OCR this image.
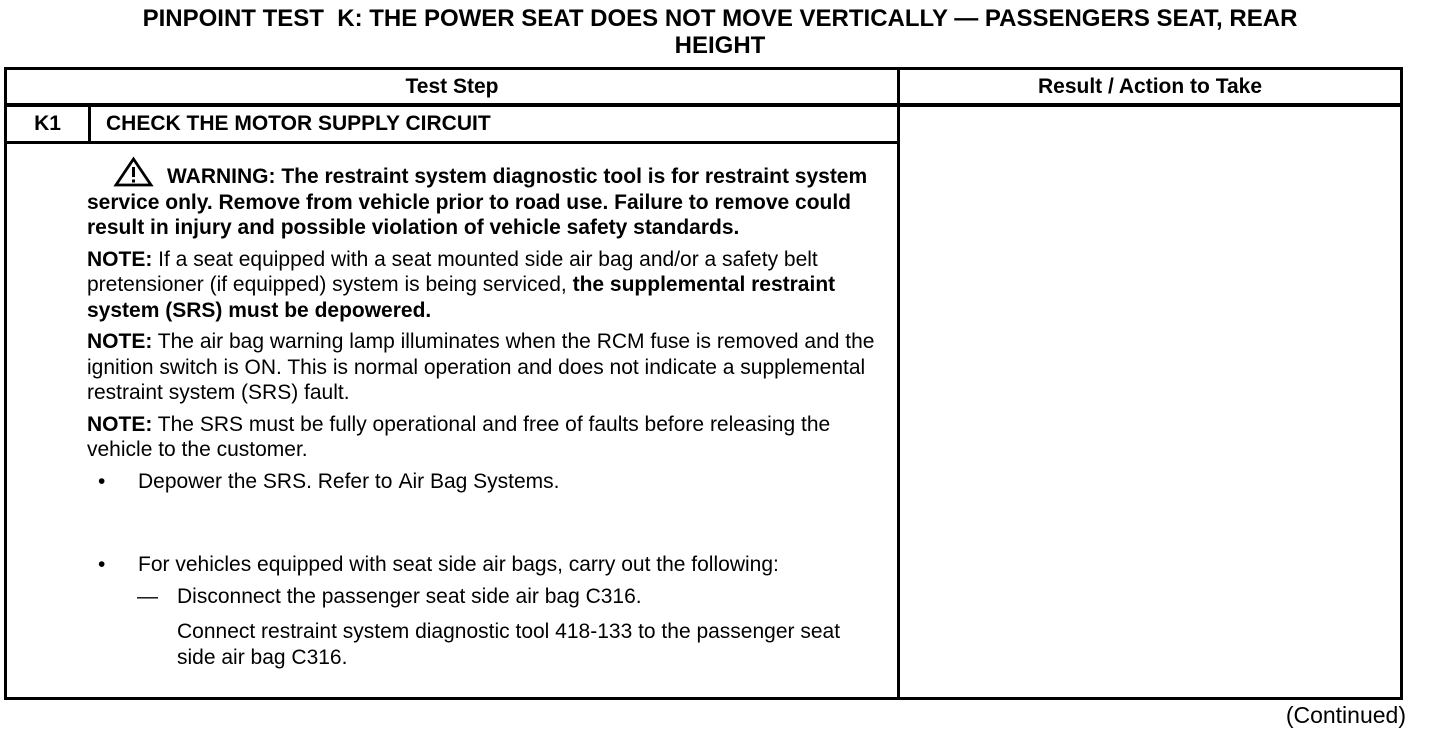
PINPOINT TEST  K: THE POWER SEAT DOES NOT MOVE VERTICALLY — PASSENGERS SEAT, REAR
HEIGHT
Test Step	Result / Action to Take
K1	CHECK THE MOTOR SUPPLY CIRCUIT
WARNING: The restraint system diagnostic tool is for restraint system service only. Remove from vehicle prior to road use. Failure to remove could result in injury and possible violation of vehicle safety standards.
NOTE: If a seat equipped with a seat mounted side air bag and/or a safety belt pretensioner (if equipped) system is being serviced, the supplemental restraint system (SRS) must be depowered.
NOTE: The air bag warning lamp illuminates when the RCM fuse is removed and the ignition switch is ON. This is normal operation and does not indicate a supplemental restraint system (SRS) fault.
NOTE: The SRS must be fully operational and free of faults before releasing the vehicle to the customer.
• Depower the SRS. Refer to Air Bag Systems.
• For vehicles equipped with seat side air bags, carry out the following:
— Disconnect the passenger seat side air bag C316.
Connect restraint system diagnostic tool 418-133 to the passenger seat side air bag C316.
(Continued)
